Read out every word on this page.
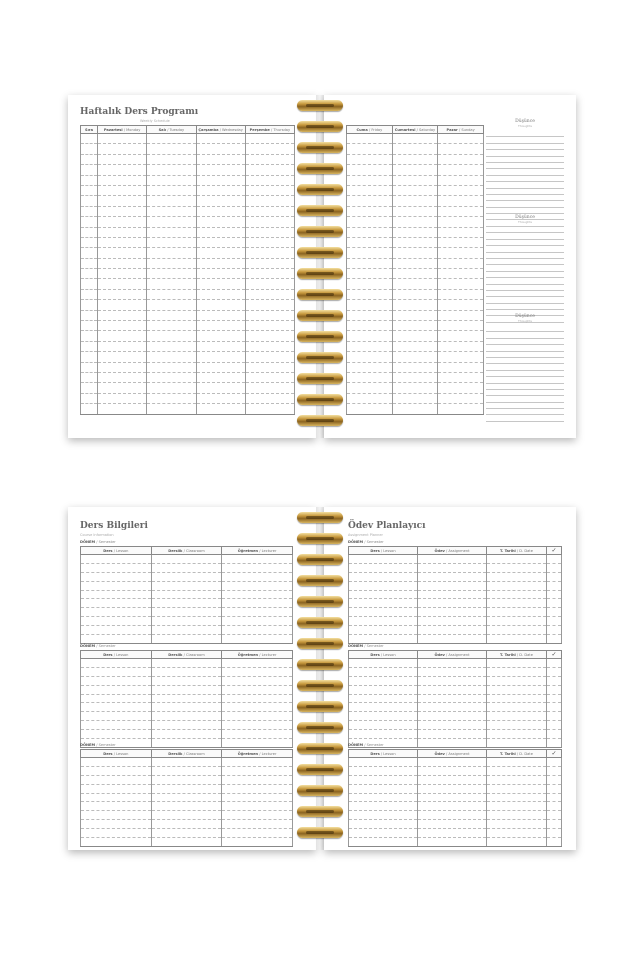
Haftalık Ders Programı
Weekly Schedule
Sıra	Pazartesi / Monday	Salı / Tuesday	Çarşamba / Wednesday	Perşembe / Thursday

					Cuma / Friday	Cumartesi / Saturday	Pazar / Sunday

Düşünce
Thoughts
Düşünce
Thoughts
Düşünce
Thoughts
Ders Bilgileri
Course Information
DÖNEM / Semester
Ders / Lesson	Derslik / Classroom	Öğretmen / Lecturer

DÖNEM / Semester
Ders / Lesson	Derslik / Classroom	Öğretmen / Lecturer

DÖNEM / Semester
Ders / Lesson	Derslik / Classroom	Öğretmen / Lecturer

Ödev Planlayıcı
Assignment Planner
DÖNEM / Semester
Ders / Lesson	Ödev / Assignment	T. Tarihi / D. Date	✓

DÖNEM / Semester
Ders / Lesson	Ödev / Assignment	T. Tarihi / D. Date	✓

DÖNEM / Semester
Ders / Lesson	Ödev / Assignment	T. Tarihi / D. Date	✓
